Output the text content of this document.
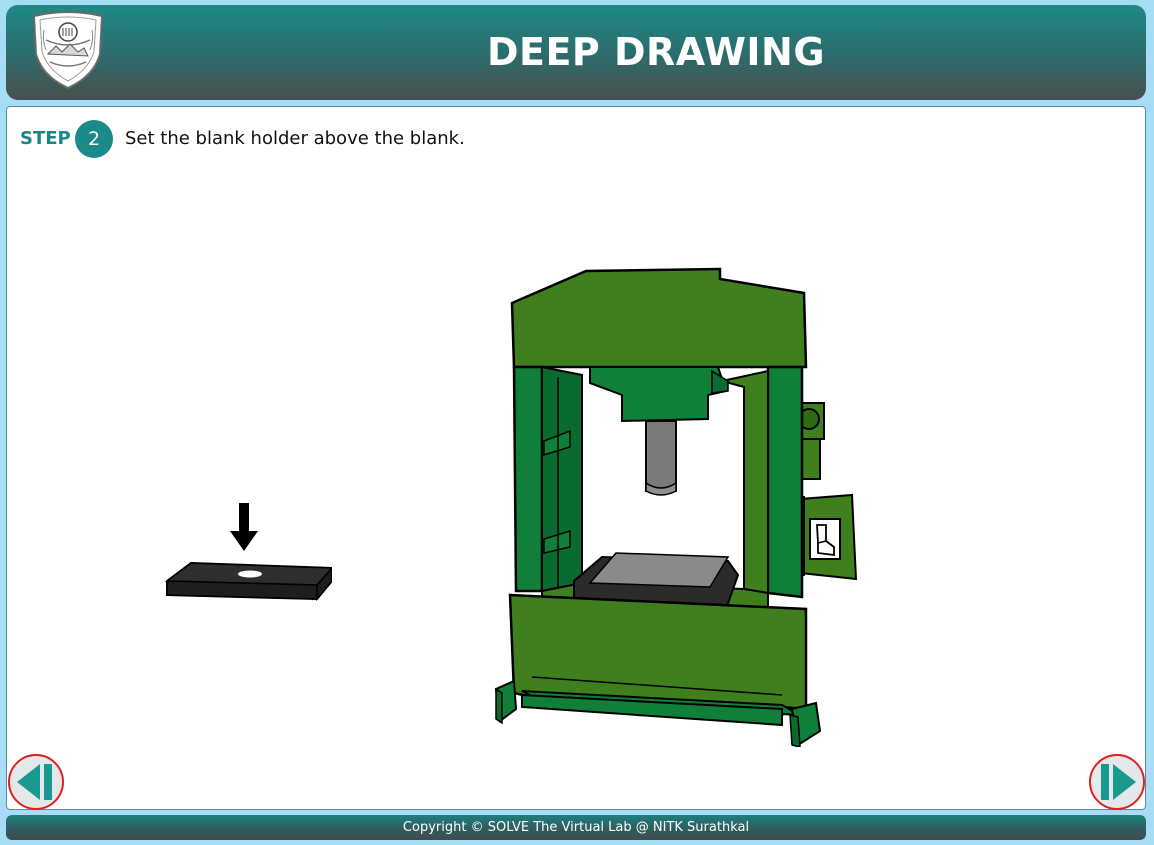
DEEP DRAWING
STEP 2	Set the blank holder above the blank.
Copyright © SOLVE The Virtual Lab @ NITK Surathkal
